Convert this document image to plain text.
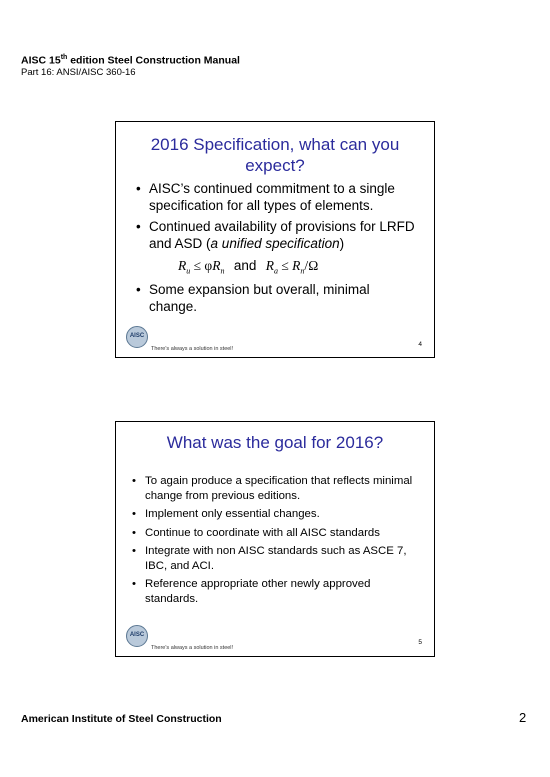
AISC 15th edition Steel Construction Manual
Part 16: ANSI/AISC 360-16
2016 Specification, what can you expect?
• AISC’s continued commitment to a single specification for all types of elements.
• Continued availability of provisions for LRFD and ASD (a unified specification)
$R_u \le \varphi R_n$ and $R_a \le R_n/\Omega$
• Some expansion but overall, minimal change.
AISC
There's always a solution in steel!
4
What was the goal for 2016?
• To again produce a specification that reflects minimal change from previous editions.
• Implement only essential changes.
• Continue to coordinate with all AISC standards
• Integrate with non AISC standards such as ASCE 7, IBC, and ACI.
• Reference appropriate other newly approved standards.
AISC
There's always a solution in steel!
5
American Institute of Steel Construction	2
